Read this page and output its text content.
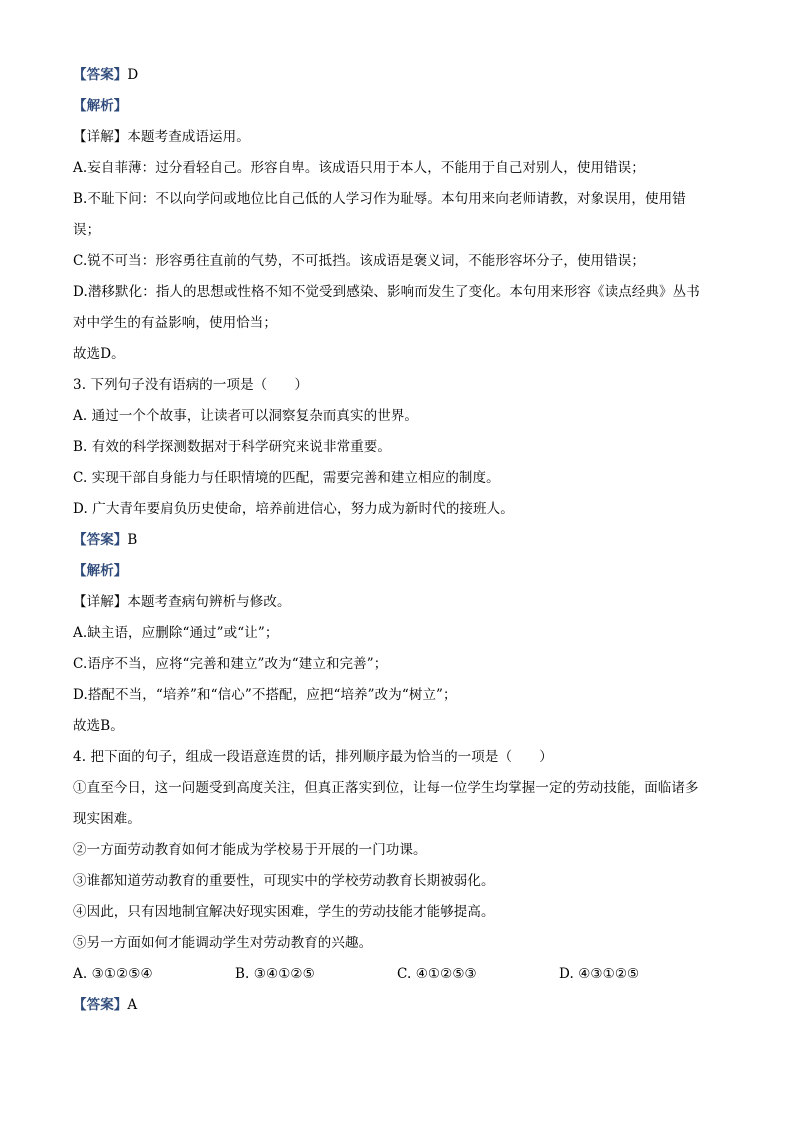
【答案】D
【解析】
【详解】本题考查成语运用。
A.妄自菲薄：过分看轻自己。形容自卑。该成语只用于本人，不能用于自己对别人，使用错误；
B.不耻下问：不以向学问或地位比自己低的人学习作为耻辱。本句用来向老师请教，对象误用，使用错
误；
C.锐不可当：形容勇往直前的气势，不可抵挡。该成语是褒义词，不能形容坏分子，使用错误；
D.潜移默化：指人的思想或性格不知不觉受到感染、影响而发生了变化。本句用来形容《读点经典》丛书
对中学生的有益影响，使用恰当；
故选D。
3. 下列句子没有语病的一项是（　　）
A. 通过一个个故事，让读者可以洞察复杂而真实的世界。
B. 有效的科学探测数据对于科学研究来说非常重要。
C. 实现干部自身能力与任职情境的匹配，需要完善和建立相应的制度。
D. 广大青年要肩负历史使命，培养前进信心，努力成为新时代的接班人。
【答案】B
【解析】
【详解】本题考查病句辨析与修改。
A.缺主语，应删除“通过”或“让”；
C.语序不当，应将“完善和建立”改为“建立和完善”；
D.搭配不当，“培养”和“信心”不搭配，应把“培养”改为“树立”；
故选B。
4. 把下面的句子，组成一段语意连贯的话，排列顺序最为恰当的一项是（　　）
①直至今日，这一问题受到高度关注，但真正落实到位，让每一位学生均掌握一定的劳动技能，面临诸多
现实困难。
②一方面劳动教育如何才能成为学校易于开展的一门功课。
③谁都知道劳动教育的重要性，可现实中的学校劳动教育长期被弱化。
④因此，只有因地制宜解决好现实困难，学生的劳动技能才能够提高。
⑤另一方面如何才能调动学生对劳动教育的兴趣。
A. ③①②⑤④	B. ③④①②⑤	C. ④①②⑤③	D. ④③①②⑤
【答案】A
